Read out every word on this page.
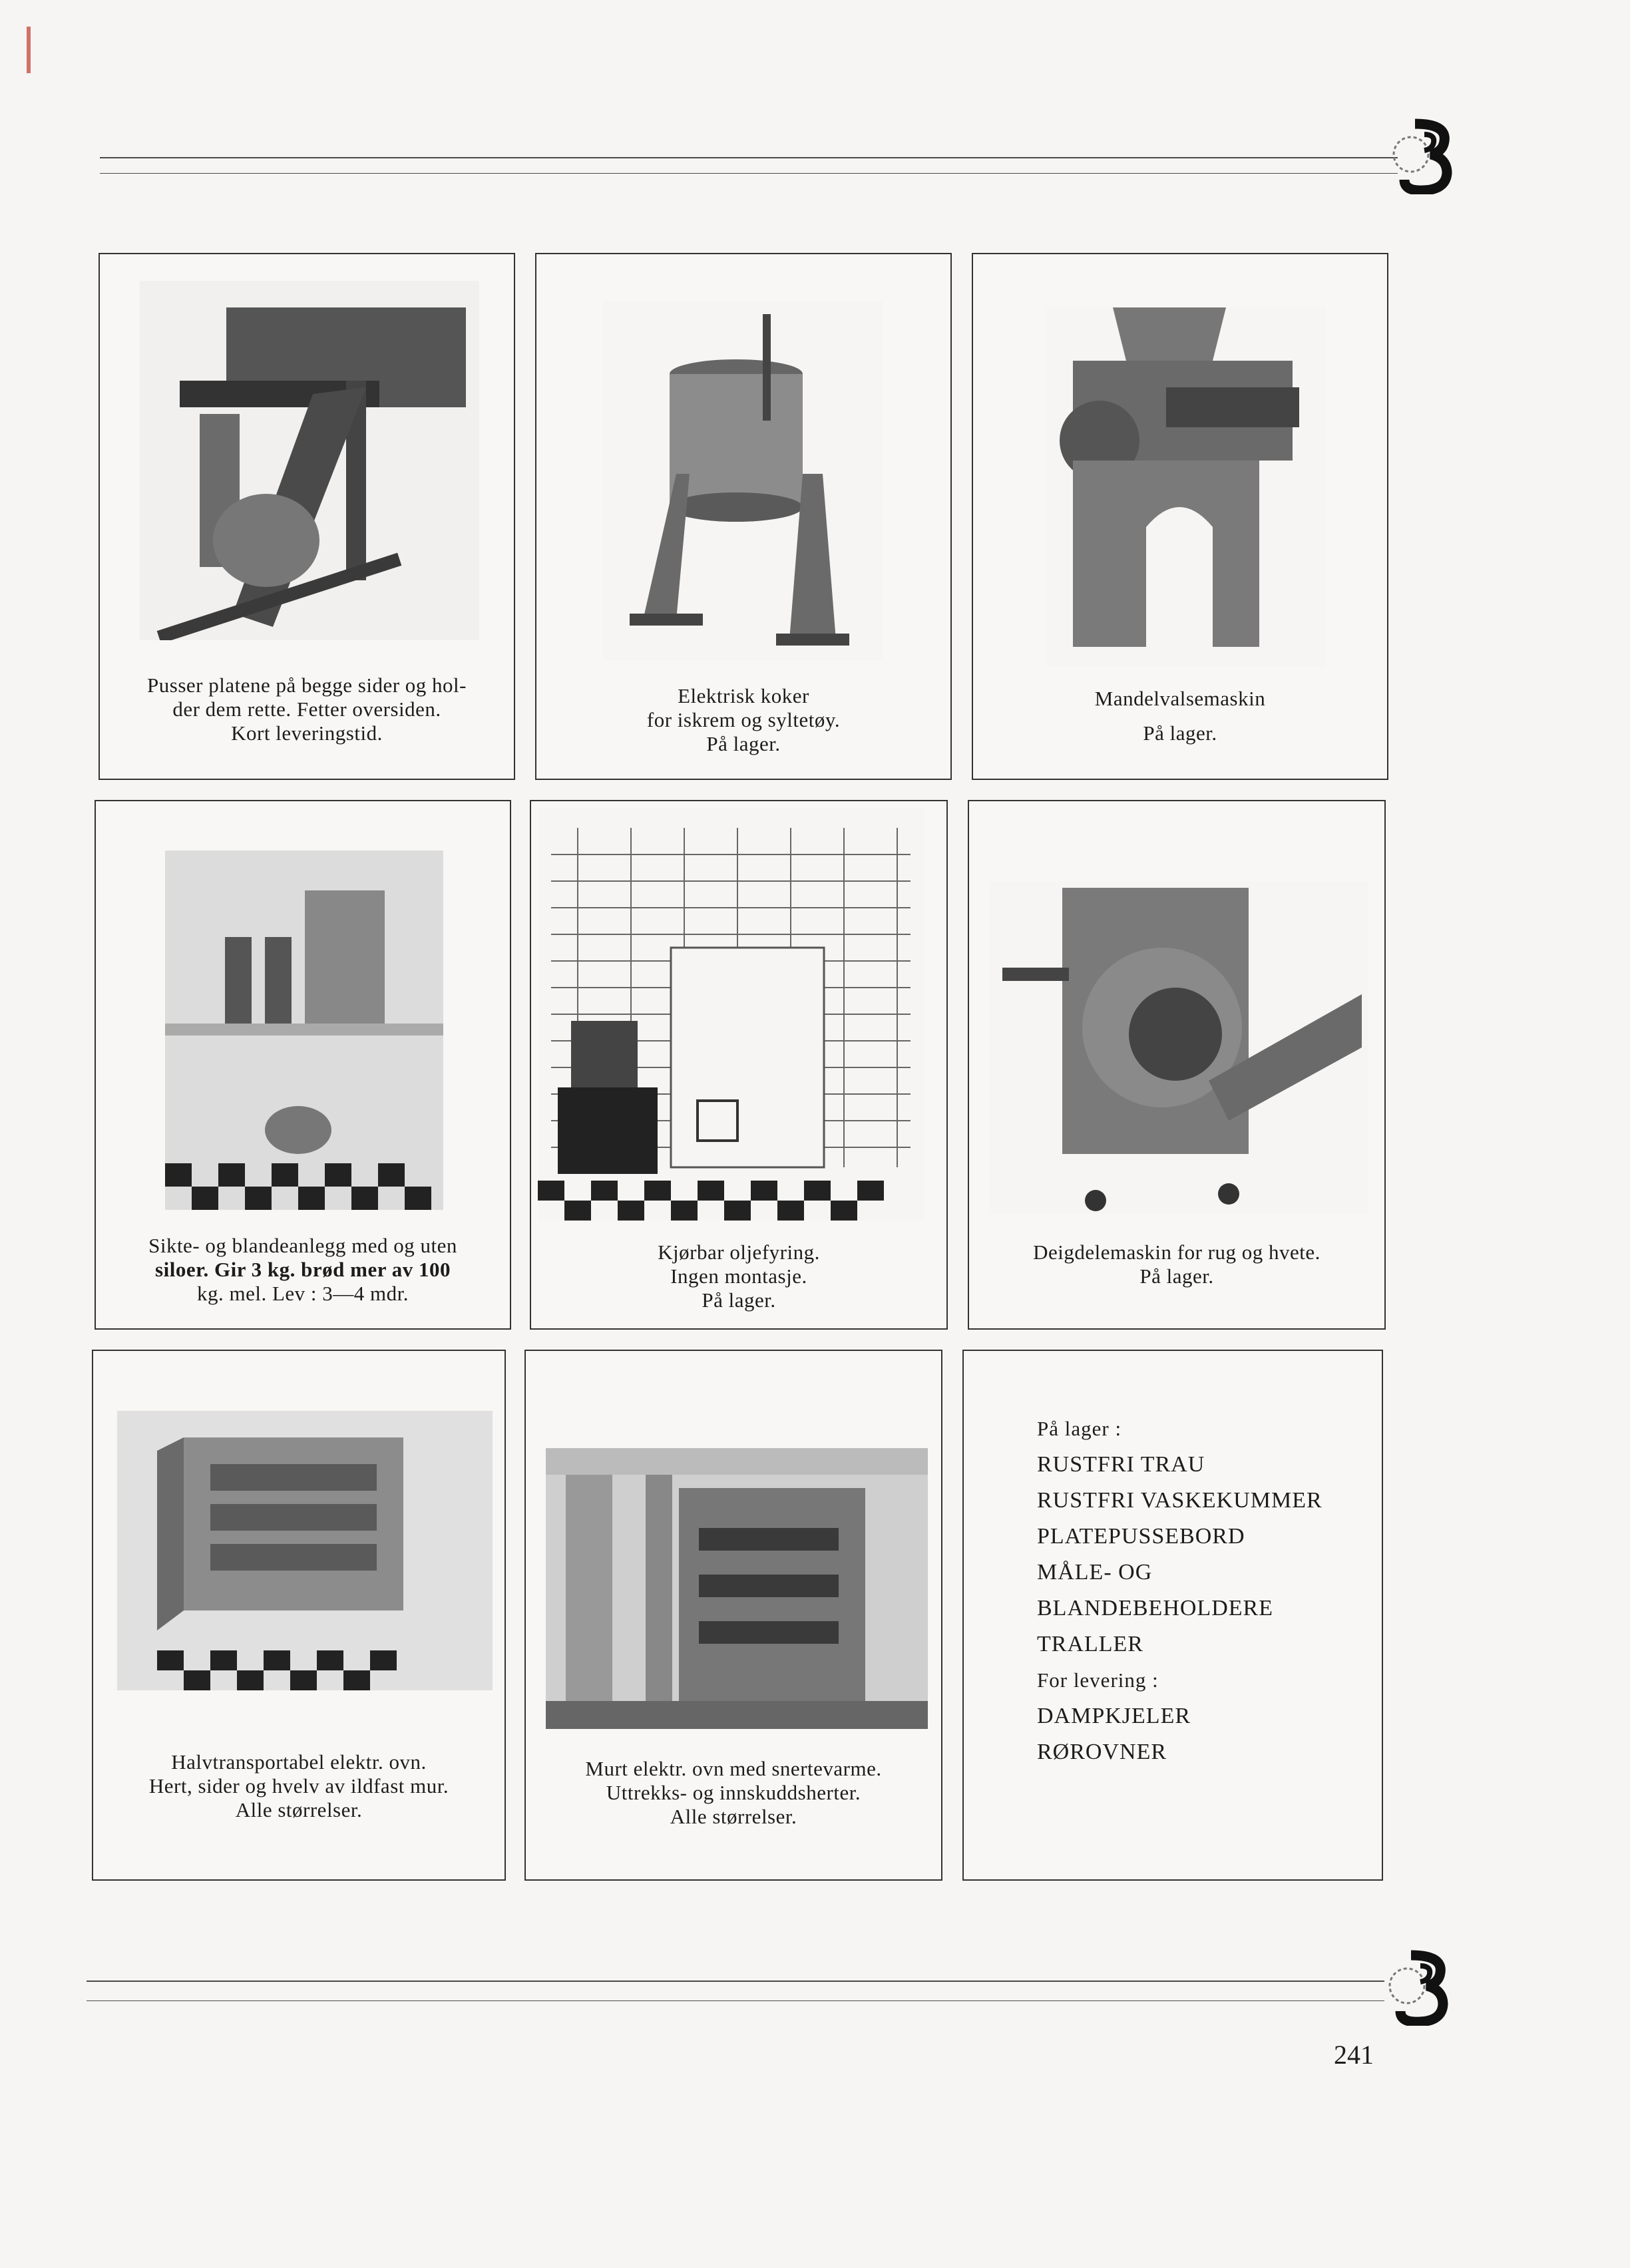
Pusser platene på begge sider og hol-
der dem rette. Fetter oversiden.
Kort leveringstid.
Elektrisk koker
for iskrem og syltetøy.
På lager.
Mandelvalsemaskin
På lager.
Sikte- og blandeanlegg med og uten
siloer. Gir 3 kg. brød mer av 100
kg. mel. Lev : 3—4 mdr.
Kjørbar oljefyring.
Ingen montasje.
På lager.
Deigdelemaskin for rug og hvete.
På lager.
Halvtransportabel elektr. ovn.
Hert, sider og hvelv av ildfast mur.
Alle størrelser.
Murt elektr. ovn med snertevarme.
Uttrekks- og innskuddsherter.
Alle størrelser.
På lager :
RUSTFRI TRAU
RUSTFRI VASKEKUMMER
PLATEPUSSEBORD
MÅLE- OG
BLANDEBEHOLDERE
TRALLER
For levering :
DAMPKJELER
RØROVNER
241
